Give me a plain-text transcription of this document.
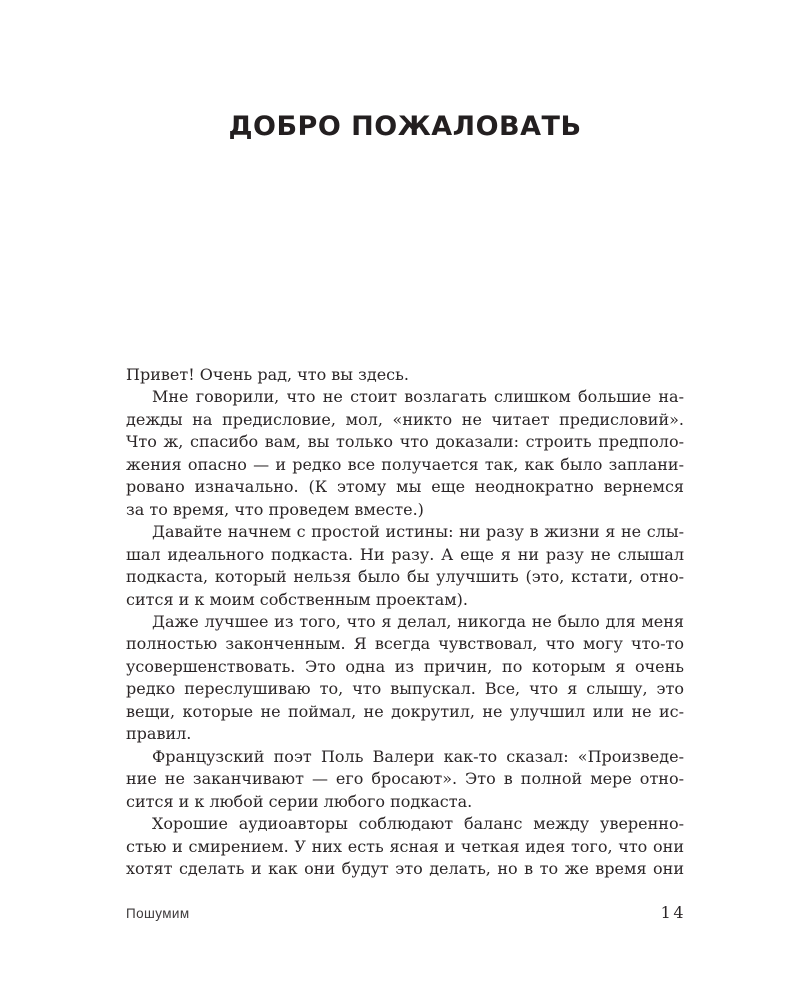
ДОБРО ПОЖАЛОВАТЬ
Привет! Очень рад, что вы здесь.
Мне говорили, что не стоит возлагать слишком большие на-
дежды на предисловие, мол, «никто не читает предисловий».
Что ж, спасибо вам, вы только что доказали: строить предполо-
жения опасно — и редко все получается так, как было заплани-
ровано изначально. (К этому мы еще неоднократно вернемся
за то время, что проведем вместе.)
Давайте начнем с простой истины: ни разу в жизни я не слы-
шал идеального подкаста. Ни разу. А еще я ни разу не слышал
подкаста, который нельзя было бы улучшить (это, кстати, отно-
сится и к моим собственным проектам).
Даже лучшее из того, что я делал, никогда не было для меня
полностью законченным. Я всегда чувствовал, что могу что-то
усовершенствовать. Это одна из причин, по которым я очень
редко переслушиваю то, что выпускал. Все, что я слышу, это
вещи, которые не поймал, не докрутил, не улучшил или не ис-
правил.
Французский поэт Поль Валери как-то сказал: «Произведе-
ние не заканчивают — его бросают». Это в полной мере отно-
сится и к любой серии любого подкаста.
Хорошие аудиоавторы соблюдают баланс между уверенно-
стью и смирением. У них есть ясная и четкая идея того, что они
хотят сделать и как они будут это делать, но в то же время они
Пошумим	14
